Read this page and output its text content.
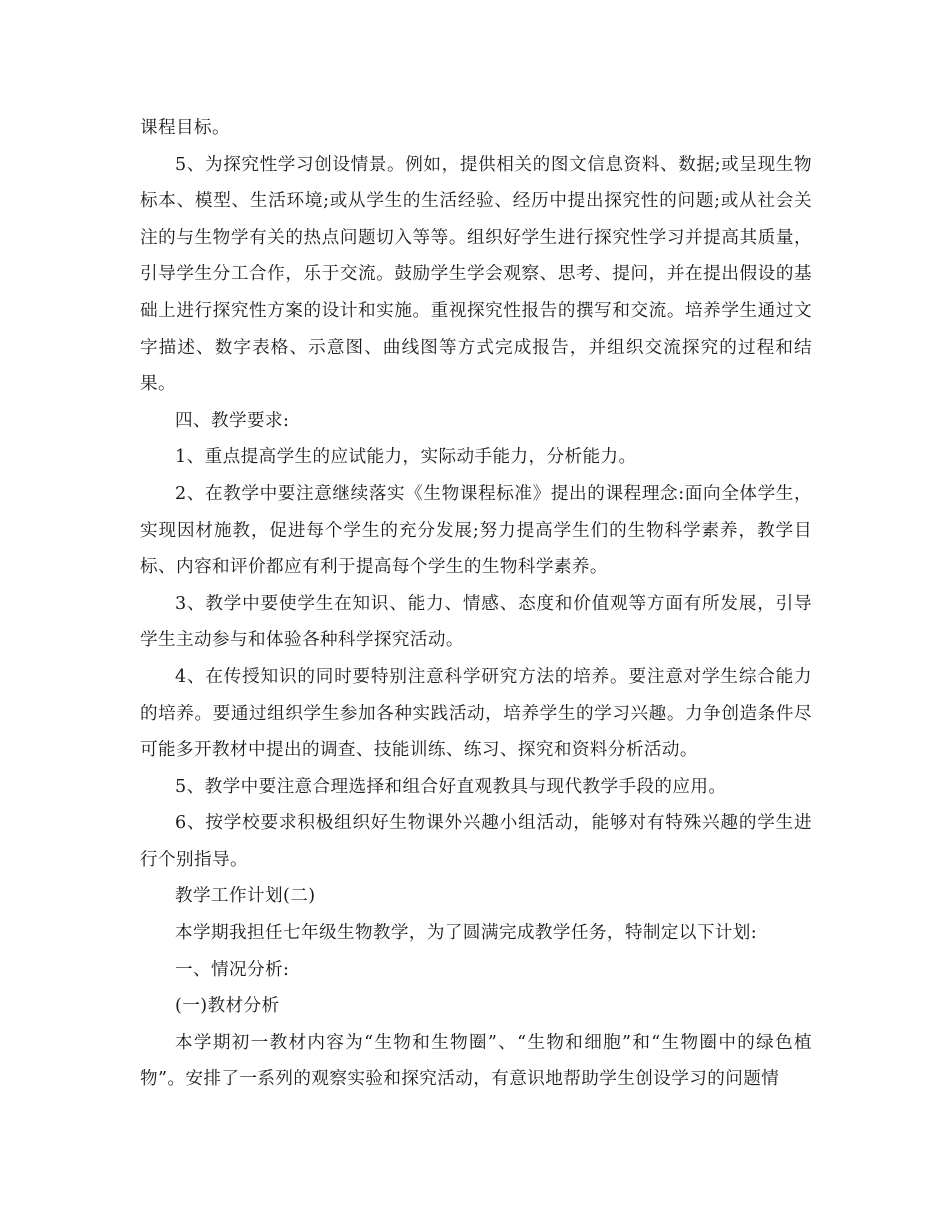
课程目标。

5、为探究性学习创设情景。例如，提供相关的图文信息资料、数据;或呈现生物标本、模型、生活环境;或从学生的生活经验、经历中提出探究性的问题;或从社会关注的与生物学有关的热点问题切入等等。组织好学生进行探究性学习并提高其质量，引导学生分工合作，乐于交流。鼓励学生学会观察、思考、提问，并在提出假设的基础上进行探究性方案的设计和实施。重视探究性报告的撰写和交流。培养学生通过文字描述、数字表格、示意图、曲线图等方式完成报告，并组织交流探究的过程和结果。

四、教学要求:

1、重点提高学生的应试能力，实际动手能力，分析能力。

2、在教学中要注意继续落实《生物课程标准》提出的课程理念:面向全体学生，实现因材施教，促进每个学生的充分发展;努力提高学生们的生物科学素养，教学目标、内容和评价都应有利于提高每个学生的生物科学素养。

3、教学中要使学生在知识、能力、情感、态度和价值观等方面有所发展，引导学生主动参与和体验各种科学探究活动。

4、在传授知识的同时要特别注意科学研究方法的培养。要注意对学生综合能力的培养。要通过组织学生参加各种实践活动，培养学生的学习兴趣。力争创造条件尽可能多开教材中提出的调查、技能训练、练习、探究和资料分析活动。

5、教学中要注意合理选择和组合好直观教具与现代教学手段的应用。

6、按学校要求积极组织好生物课外兴趣小组活动，能够对有特殊兴趣的学生进行个别指导。

教学工作计划(二)

本学期我担任七年级生物教学，为了圆满完成教学任务，特制定以下计划:

一、情况分析:

(一)教材分析

本学期初一教材内容为“生物和生物圈”、“生物和细胞”和“生物圈中的绿色植物”。安排了一系列的观察实验和探究活动，有意识地帮助学生创设学习的问题情
